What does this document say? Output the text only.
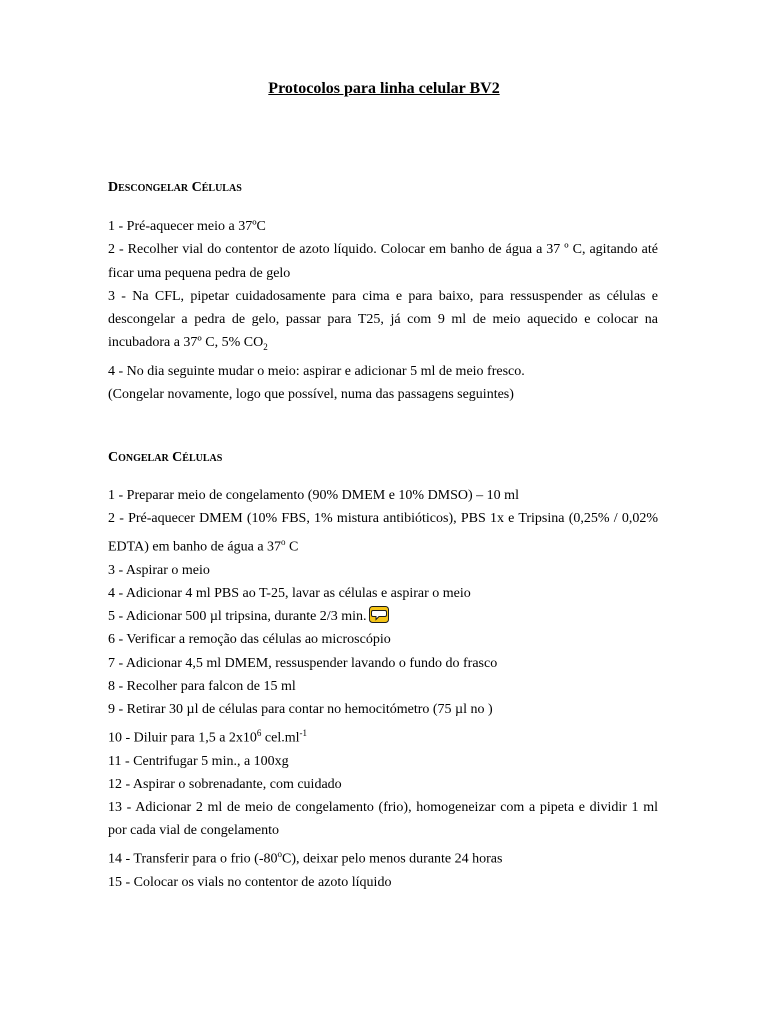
Protocolos para linha celular BV2
Descongelar Células

1 - Pré-aquecer meio a 37ºC

2 - Recolher vial do contentor de azoto líquido. Colocar em banho de água a 37 º C, agitando até ficar uma pequena pedra de gelo

3 - Na CFL, pipetar cuidadosamente para cima e para baixo, para ressuspender as células e descongelar a pedra de gelo, passar para T25, já com 9 ml de meio aquecido e colocar na incubadora a 37º C, 5% $CO_2$

4 - No dia seguinte mudar o meio: aspirar e adicionar 5 ml de meio fresco.

(Congelar novamente, logo que possível, numa das passagens seguintes)

Congelar Células

1 - Preparar meio de congelamento (90% DMEM e 10% DMSO) – 10 ml

2 - Pré-aquecer DMEM (10% FBS, 1% mistura antibióticos), PBS 1x e Tripsina (0,25% / 0,02% EDTA) em banho de água a 37$^o$ C

3 - Aspirar o meio

4 - Adicionar 4 ml PBS ao T-25, lavar as células e aspirar o meio

5 - Adicionar 500 µl tripsina, durante 2/3 min.

6 - Verificar a remoção das células ao microscópio

7 - Adicionar 4,5 ml DMEM, ressuspender lavando o fundo do frasco

8 - Recolher para falcon de 15 ml

9 - Retirar 30 µl de células para contar no hemocitómetro (75 µl no )

10 - Diluir para 1,5 a $2x10^6$ $cel.ml^{-1}$

11 - Centrifugar 5 min., a 100xg

12 - Aspirar o sobrenadante, com cuidado

13 - Adicionar 2 ml de meio de congelamento (frio), homogeneizar com a pipeta e dividir 1 ml por cada vial de congelamento

14 - Transferir para o frio (-80$^o$C), deixar pelo menos durante 24 horas

15 - Colocar os vials no contentor de azoto líquido
